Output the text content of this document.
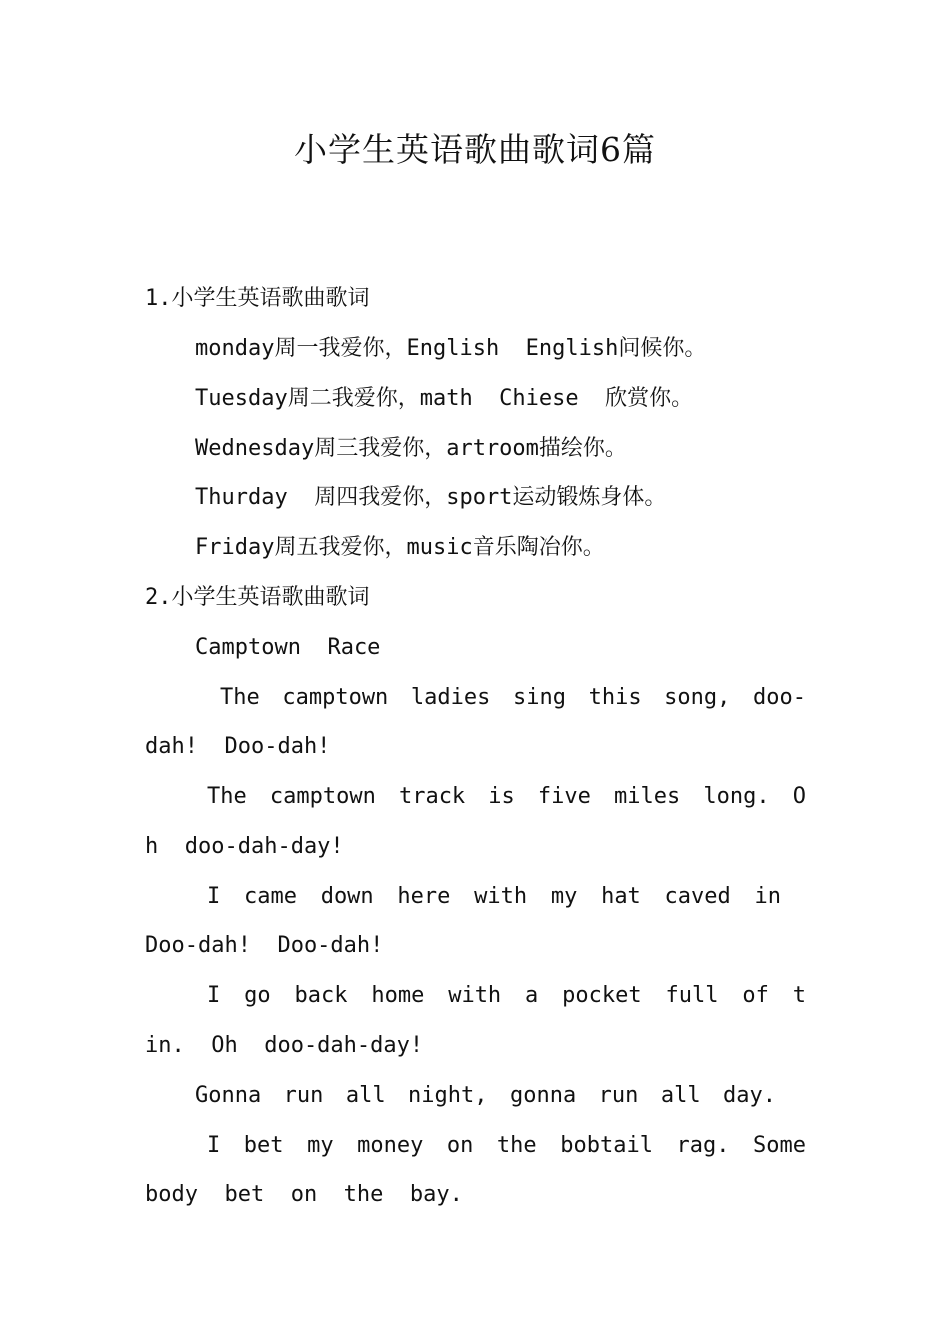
小学生英语歌曲歌词6篇
1.小学生英语歌曲歌词
monday周一我爱你，English  English问候你。
Tuesday周二我爱你，math  Chiese  欣赏你。
Wednesday周三我爱你，artroom描绘你。
Thurday  周四我爱你，sport运动锻炼身体。
Friday周五我爱你，music音乐陶冶你。
2.小学生英语歌曲歌词
Camptown  Race
The camptown ladies sing this song, doo-
dah!  Doo-dah!
The camptown track is five miles long. O
h  doo-dah-day!
I came down here with my hat caved in
Doo-dah!  Doo-dah!
I go back home with a pocket full of t
in.  Oh  doo-dah-day!
Gonna run all night, gonna run all day.
I bet my money on the bobtail rag. Some
body  bet  on  the  bay.
